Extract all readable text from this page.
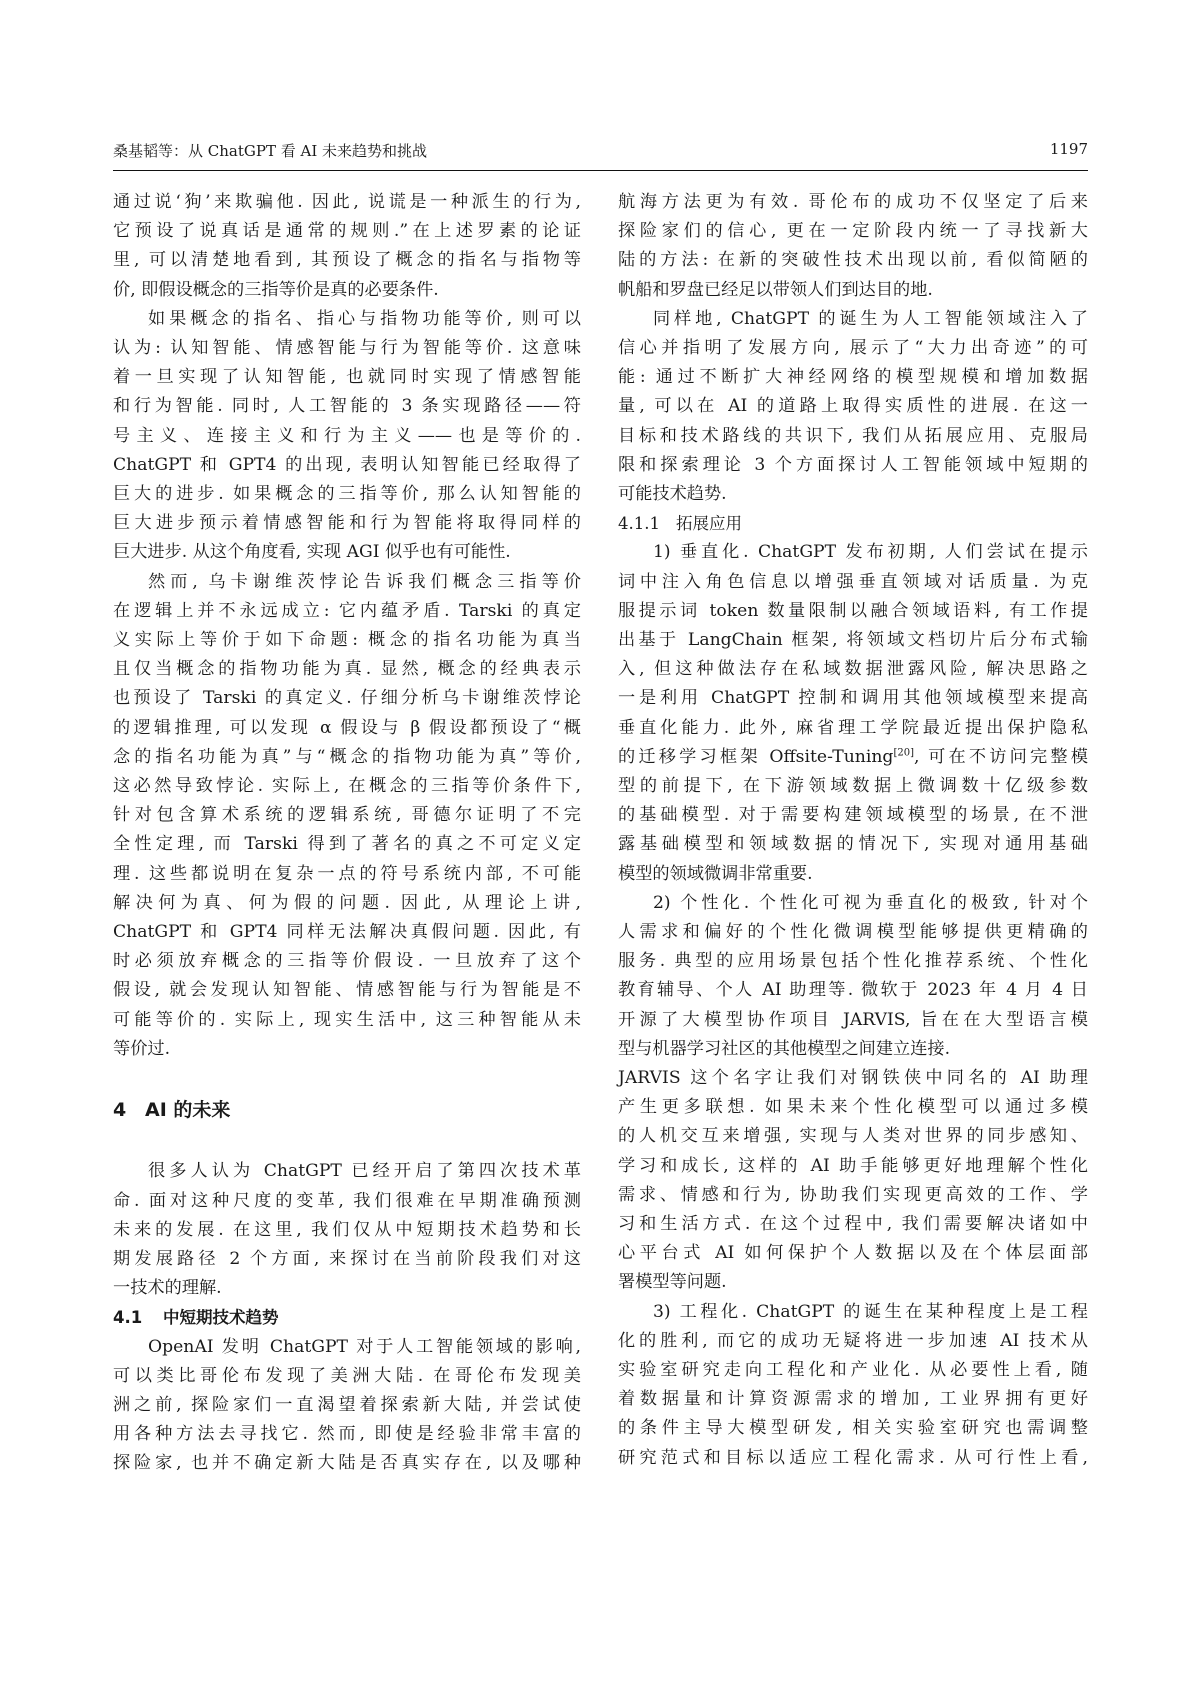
桑基韬等：从 ChatGPT 看 AI 未来趋势和挑战	1197
通过说‘狗’来欺骗他. 因此, 说谎是一种派生的行为,
它预设了说真话是通常的规则.”在上述罗素的论证
里, 可以清楚地看到, 其预设了概念的指名与指物等
价, 即假设概念的三指等价是真的必要条件.
如果概念的指名、指心与指物功能等价, 则可以
认为: 认知智能、情感智能与行为智能等价. 这意味
着一旦实现了认知智能, 也就同时实现了情感智能
和行为智能. 同时, 人工智能的 3 条实现路径——符
号主义、连接主义和行为主义——也是等价的.
ChatGPT 和 GPT4 的出现, 表明认知智能已经取得了
巨大的进步. 如果概念的三指等价, 那么认知智能的
巨大进步预示着情感智能和行为智能将取得同样的
巨大进步. 从这个角度看, 实现 AGI 似乎也有可能性.
然而, 乌卡谢维茨悖论告诉我们概念三指等价
在逻辑上并不永远成立: 它内蕴矛盾. Tarski 的真定
义实际上等价于如下命题: 概念的指名功能为真当
且仅当概念的指物功能为真. 显然, 概念的经典表示
也预设了 Tarski 的真定义. 仔细分析乌卡谢维茨悖论
的逻辑推理, 可以发现 α 假设与 β 假设都预设了“概
念的指名功能为真”与“概念的指物功能为真”等价,
这必然导致悖论. 实际上, 在概念的三指等价条件下,
针对包含算术系统的逻辑系统, 哥德尔证明了不完
全性定理, 而 Tarski 得到了著名的真之不可定义定
理. 这些都说明在复杂一点的符号系统内部, 不可能
解决何为真、何为假的问题. 因此, 从理论上讲,
ChatGPT 和 GPT4 同样无法解决真假问题. 因此, 有
时必须放弃概念的三指等价假设. 一旦放弃了这个
假设, 就会发现认知智能、情感智能与行为智能是不
可能等价的. 实际上, 现实生活中, 这三种智能从未
等价过.
4 AI 的未来
很多人认为 ChatGPT 已经开启了第四次技术革
命. 面对这种尺度的变革, 我们很难在早期准确预测
未来的发展. 在这里, 我们仅从中短期技术趋势和长
期发展路径 2 个方面, 来探讨在当前阶段我们对这
一技术的理解.
4.1 中短期技术趋势
OpenAI 发明 ChatGPT 对于人工智能领域的影响,
可以类比哥伦布发现了美洲大陆. 在哥伦布发现美
洲之前, 探险家们一直渴望着探索新大陆, 并尝试使
用各种方法去寻找它. 然而, 即使是经验非常丰富的
探险家, 也并不确定新大陆是否真实存在, 以及哪种
航海方法更为有效. 哥伦布的成功不仅坚定了后来
探险家们的信心, 更在一定阶段内统一了寻找新大
陆的方法: 在新的突破性技术出现以前, 看似简陋的
帆船和罗盘已经足以带领人们到达目的地.
同样地, ChatGPT 的诞生为人工智能领域注入了
信心并指明了发展方向, 展示了“大力出奇迹”的可
能: 通过不断扩大神经网络的模型规模和增加数据
量, 可以在 AI 的道路上取得实质性的进展. 在这一
目标和技术路线的共识下, 我们从拓展应用、克服局
限和探索理论 3 个方面探讨人工智能领域中短期的
可能技术趋势.
4.1.1 拓展应用
1) 垂直化. ChatGPT 发布初期, 人们尝试在提示
词中注入角色信息以增强垂直领域对话质量. 为克
服提示词 token 数量限制以融合领域语料, 有工作提
出基于 LangChain 框架, 将领域文档切片后分布式输
入, 但这种做法存在私域数据泄露风险, 解决思路之
一是利用 ChatGPT 控制和调用其他领域模型来提高
垂直化能力. 此外, 麻省理工学院最近提出保护隐私
的迁移学习框架 Offsite-Tuning[20], 可在不访问完整模
型的前提下, 在下游领域数据上微调数十亿级参数
的基础模型. 对于需要构建领域模型的场景, 在不泄
露基础模型和领域数据的情况下, 实现对通用基础
模型的领域微调非常重要.
2) 个性化. 个性化可视为垂直化的极致, 针对个
人需求和偏好的个性化微调模型能够提供更精确的
服务. 典型的应用场景包括个性化推荐系统、个性化
教育辅导、个人 AI 助理等. 微软于 2023 年 4 月 4 日
开源了大模型协作项目 JARVIS, 旨在在大型语言模
型与机器学习社区的其他模型之间建立连接.
JARVIS 这个名字让我们对钢铁侠中同名的 AI 助理
产生更多联想. 如果未来个性化模型可以通过多模
的人机交互来增强, 实现与人类对世界的同步感知、
学习和成长, 这样的 AI 助手能够更好地理解个性化
需求、情感和行为, 协助我们实现更高效的工作、学
习和生活方式. 在这个过程中, 我们需要解决诸如中
心平台式 AI 如何保护个人数据以及在个体层面部
署模型等问题.
3) 工程化. ChatGPT 的诞生在某种程度上是工程
化的胜利, 而它的成功无疑将进一步加速 AI 技术从
实验室研究走向工程化和产业化. 从必要性上看, 随
着数据量和计算资源需求的增加, 工业界拥有更好
的条件主导大模型研发, 相关实验室研究也需调整
研究范式和目标以适应工程化需求. 从可行性上看,
